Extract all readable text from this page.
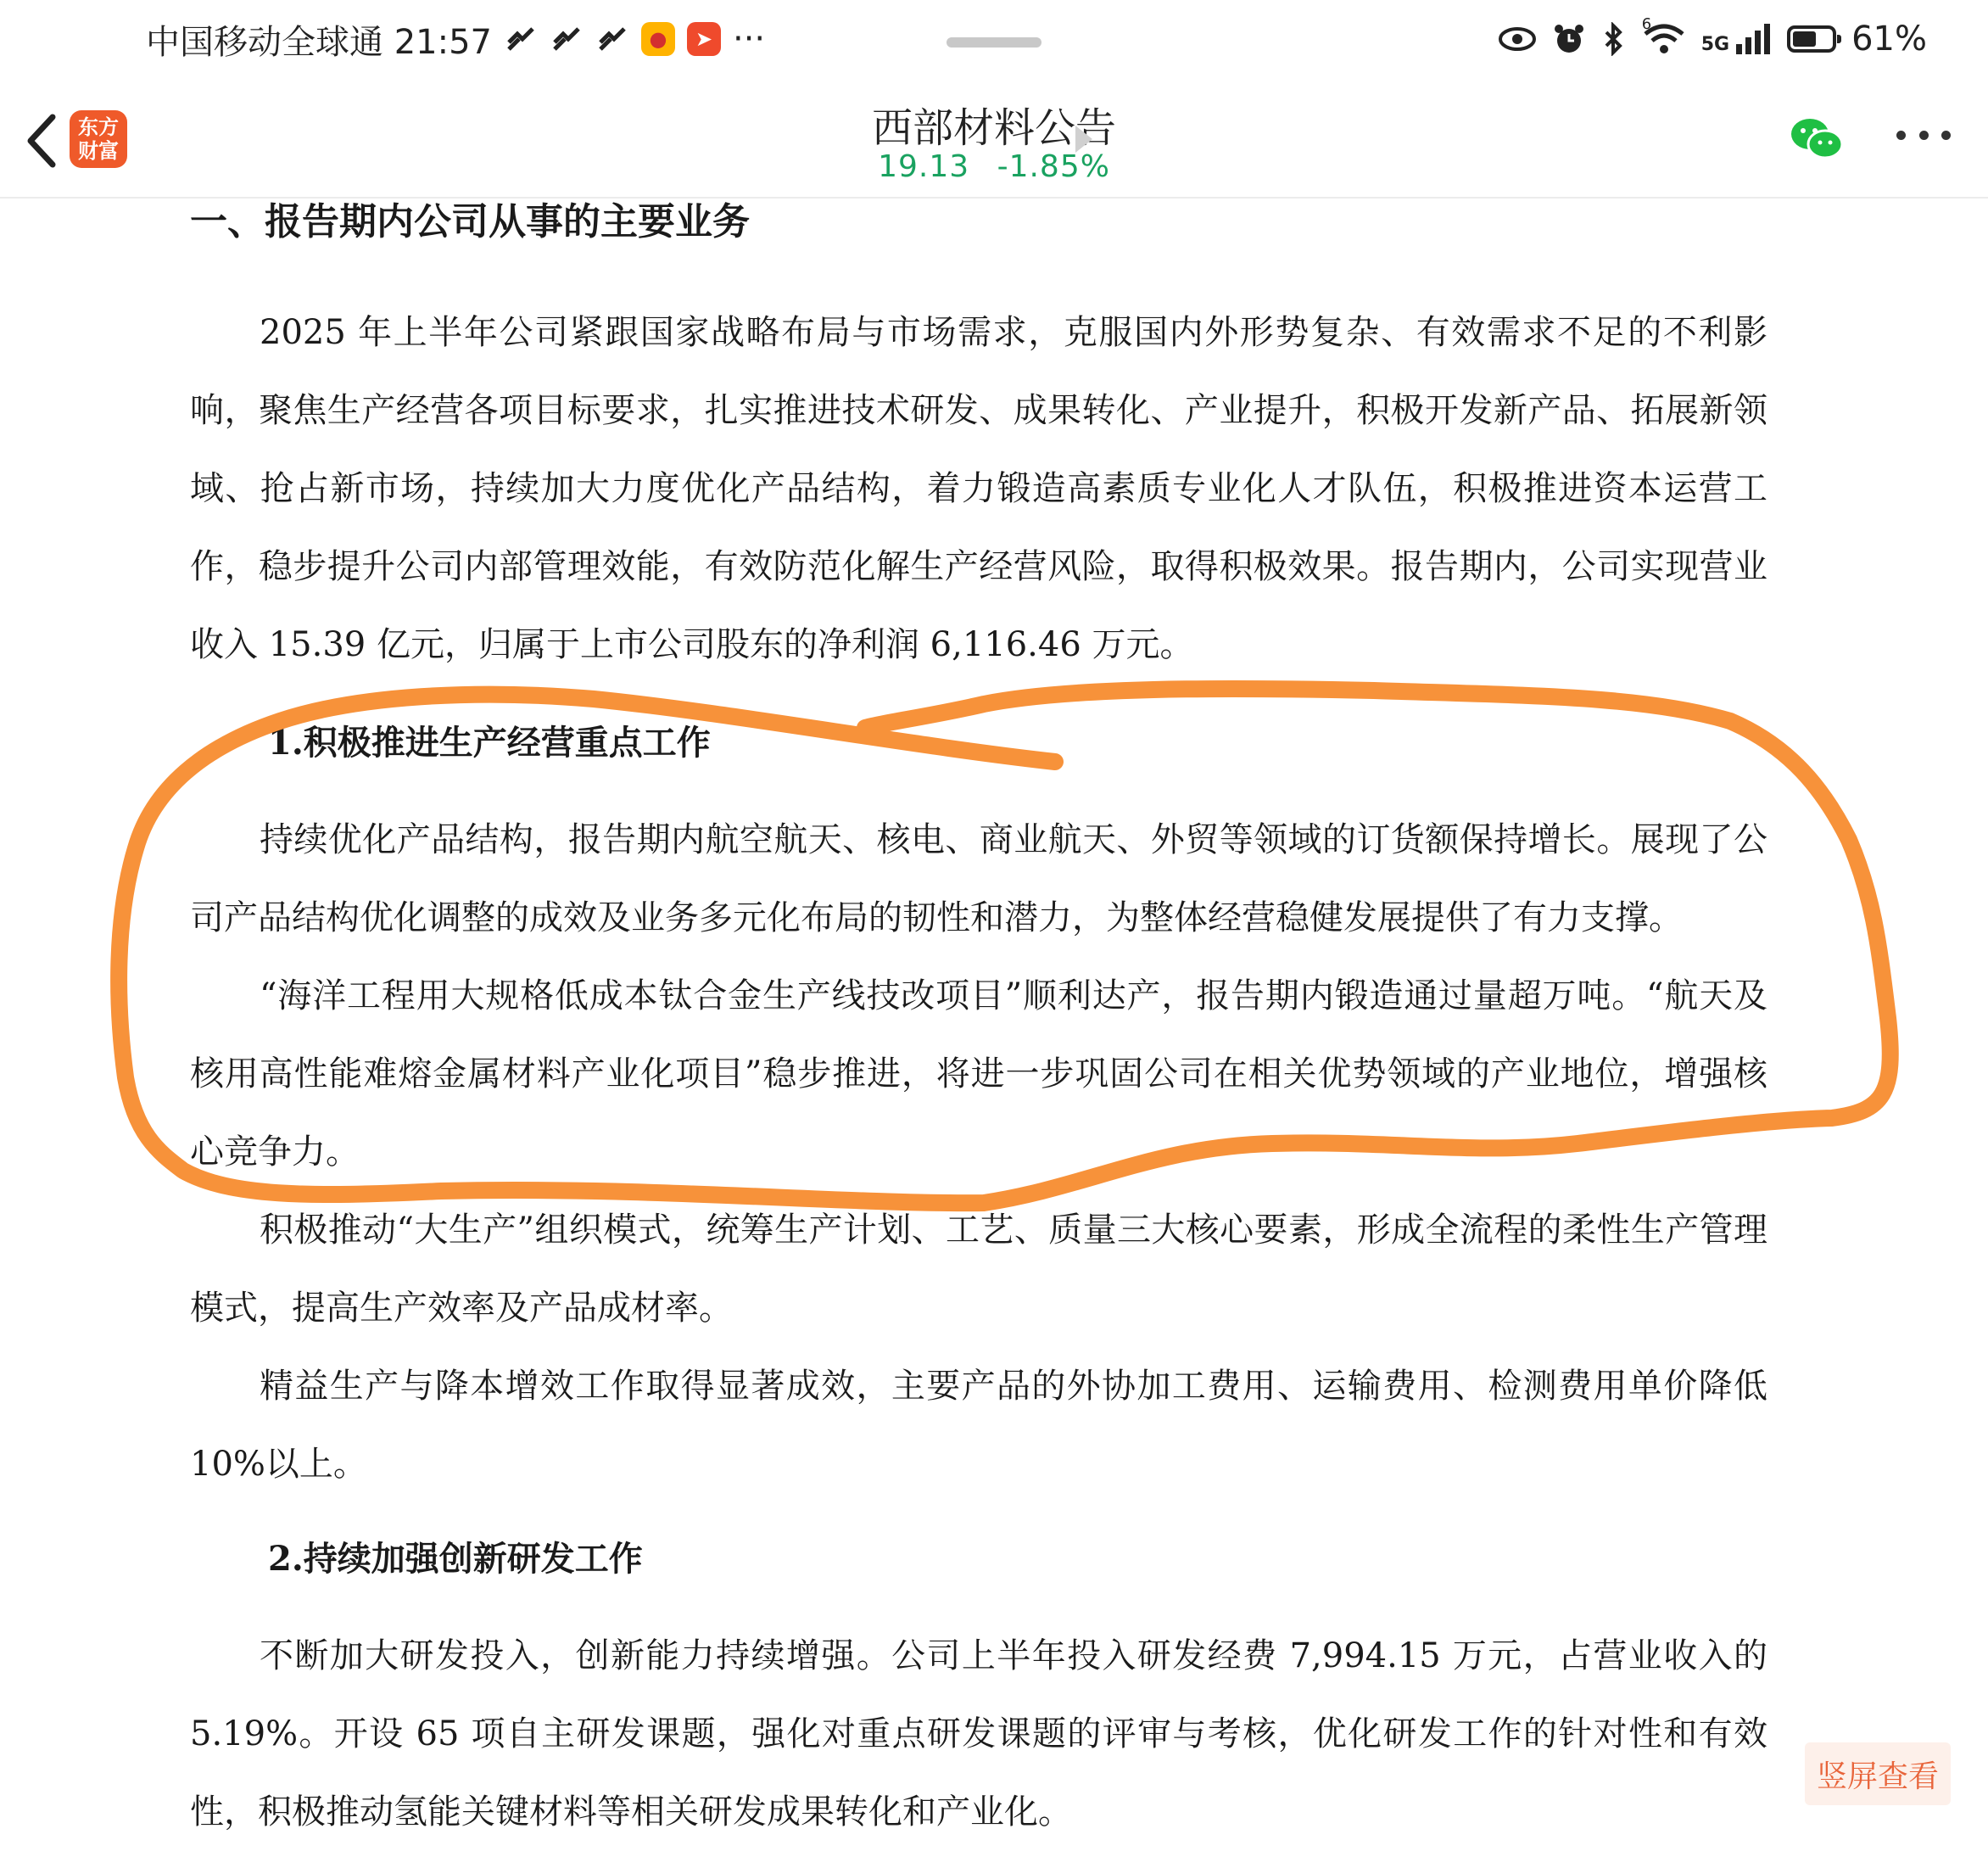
中国移动全球通 21:57	●	➤ ···	6
5G	61%
东方
财富	西部材料公告
19.13 -1.85%

一、报告期内公司从事的主要业务

2025 年上半年公司紧跟国家战略布局与市场需求，克服国内外形势复杂、有效需求不足的不利影响，聚焦生产经营各项目标要求，扎实推进技术研发、成果转化、产业提升，积极开发新产品、拓展新领域、抢占新市场，持续加大力度优化产品结构，着力锻造高素质专业化人才队伍，积极推进资本运营工作，稳步提升公司内部管理效能，有效防范化解生产经营风险，取得积极效果。报告期内，公司实现营业收入 15.39 亿元，归属于上市公司股东的净利润 6,116.46 万元。

1.积极推进生产经营重点工作

持续优化产品结构，报告期内航空航天、核电、商业航天、外贸等领域的订货额保持增长。展现了公司产品结构优化调整的成效及业务多元化布局的韧性和潜力，为整体经营稳健发展提供了有力支撑。

“海洋工程用大规格低成本钛合金生产线技改项目”顺利达产，报告期内锻造通过量超万吨。“航天及核用高性能难熔金属材料产业化项目”稳步推进，将进一步巩固公司在相关优势领域的产业地位，增强核心竞争力。

积极推动“大生产”组织模式，统筹生产计划、工艺、质量三大核心要素，形成全流程的柔性生产管理模式，提高生产效率及产品成材率。

精益生产与降本增效工作取得显著成效，主要产品的外协加工费用、运输费用、检测费用单价降低10%以上。

2.持续加强创新研发工作

不断加大研发投入，创新能力持续增强。公司上半年投入研发经费 7,994.15 万元，占营业收入的5.19%。开设 65 项自主研发课题，强化对重点研发课题的评审与考核，优化研发工作的针对性和有效性，积极推动氢能关键材料等相关研发成果转化和产业化。

竖屏查看
